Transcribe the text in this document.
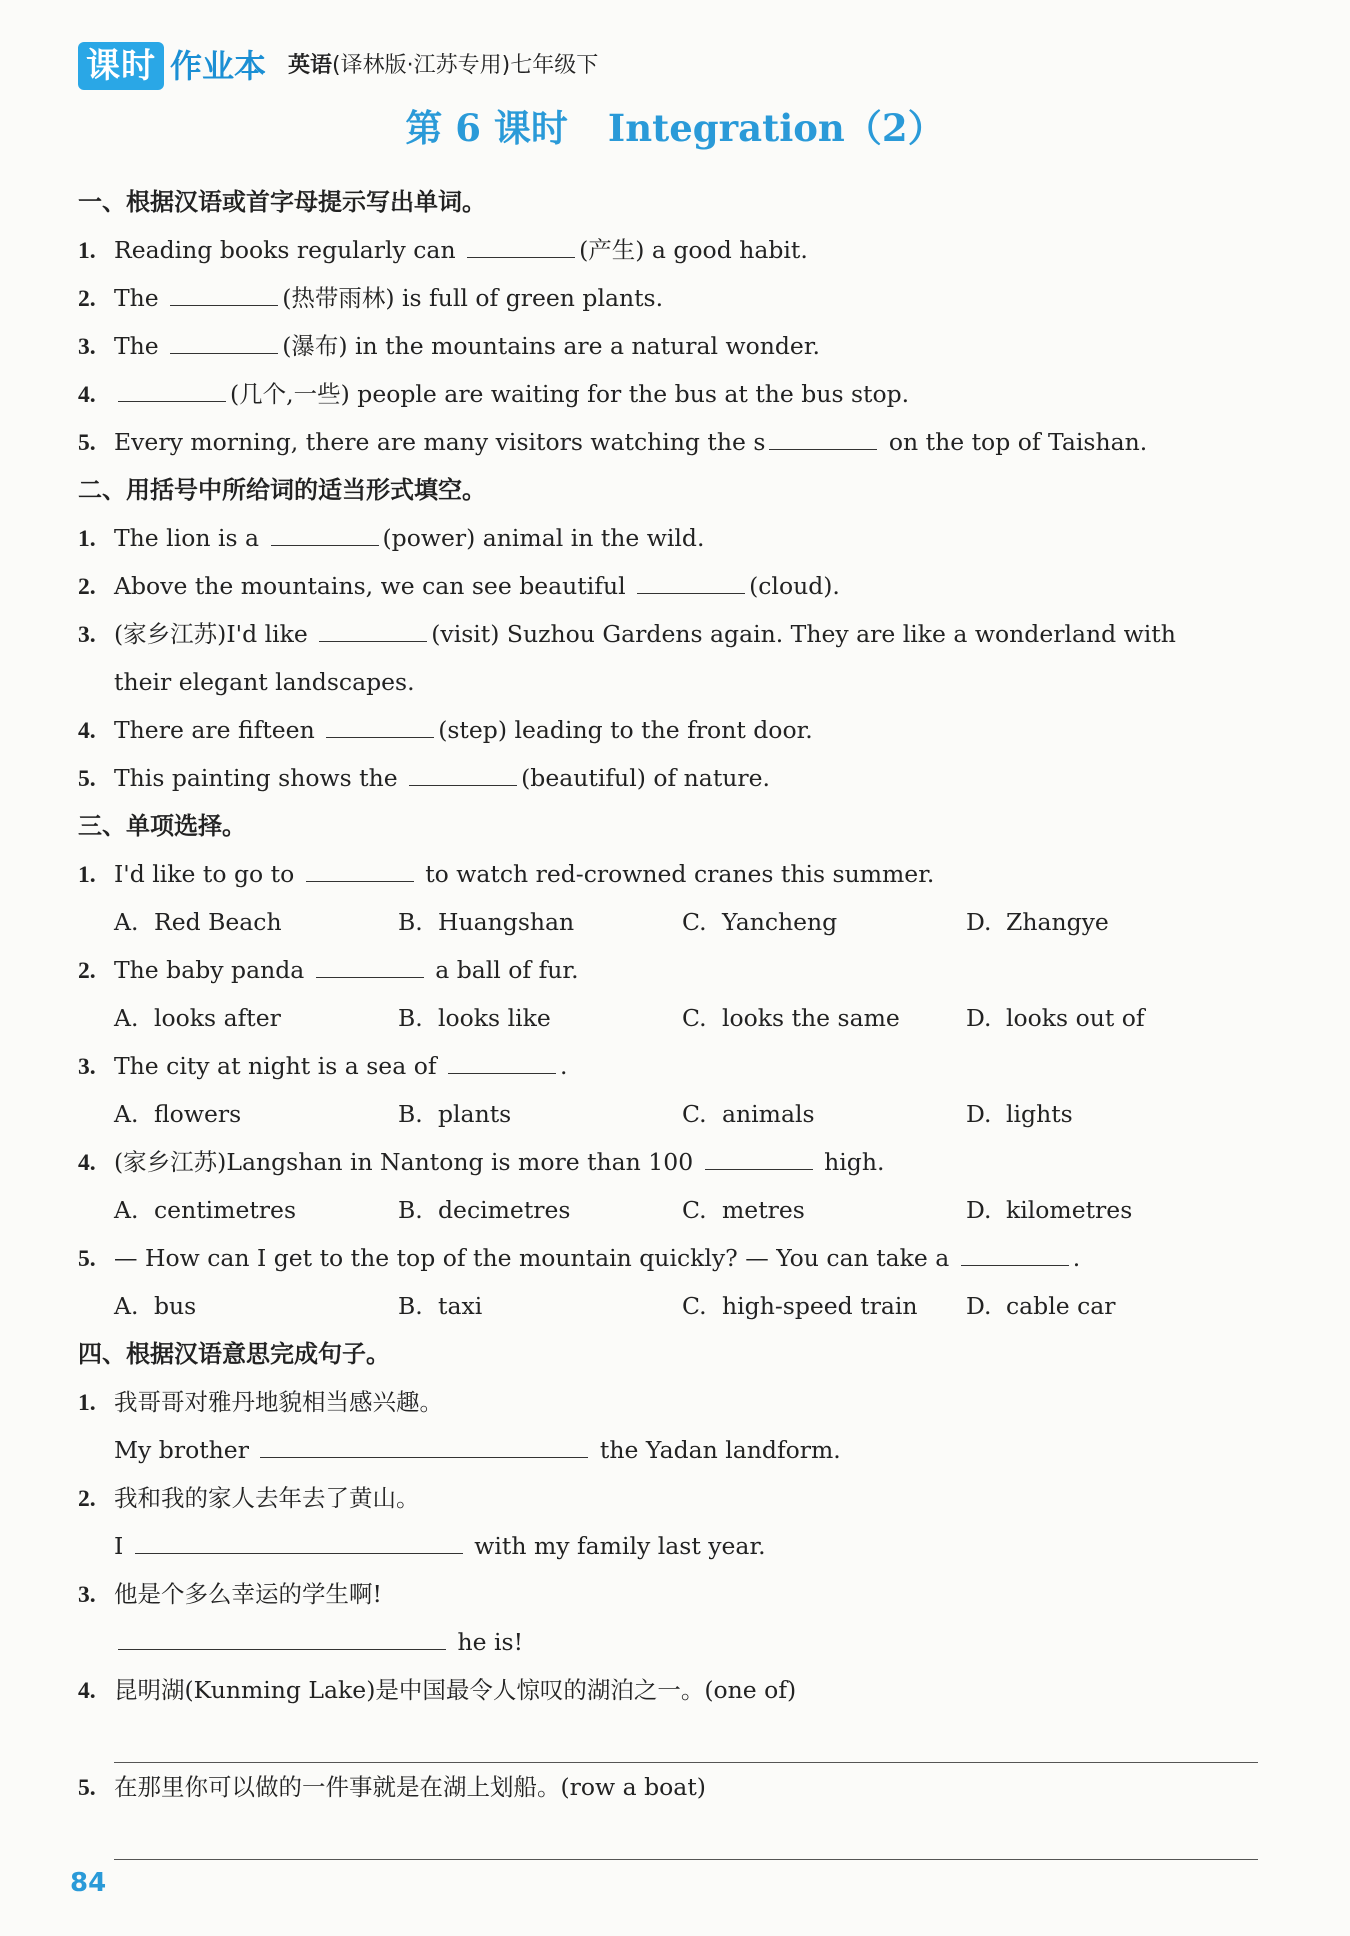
课时 作业本 英语(译林版·江苏专用)七年级下
第 6 课时 Integration（2）
一、根据汉语或首字母提示写出单词。
1. Reading books regularly can	(产生) a good habit.
2. The	(热带雨林) is full of green plants.
3. The	(瀑布) in the mountains are a natural wonder.
4.	(几个,一些) people are waiting for the bus at the bus stop.
5. Every morning, there are many visitors watching the s	on the top of Taishan.
二、用括号中所给词的适当形式填空。
1. The lion is a	(power) animal in the wild.
2. Above the mountains, we can see beautiful	(cloud).
3. (家乡江苏)I'd like	(visit) Suzhou Gardens again. They are like a wonderland with
their elegant landscapes.
4. There are fifteen	(step) leading to the front door.
5. This painting shows the	(beautiful) of nature.
三、单项选择。
1. I'd like to go to	to watch red-crowned cranes this summer.
A. Red Beach	B. Huangshan	C. Yancheng	D. Zhangye
2. The baby panda	a ball of fur.
A. looks after	B. looks like	C. looks the same	D. looks out of
3. The city at night is a sea of	.
A. flowers	B. plants	C. animals	D. lights
4. (家乡江苏)Langshan in Nantong is more than 100	high.
A. centimetres	B. decimetres	C. metres	D. kilometres
5. — How can I get to the top of the mountain quickly? — You can take a	.
A. bus	B. taxi	C. high-speed train	D. cable car
四、根据汉语意思完成句子。
1. 我哥哥对雅丹地貌相当感兴趣。
My brother	the Yadan landform.
2. 我和我的家人去年去了黄山。
I	with my family last year.
3. 他是个多么幸运的学生啊!
he is!
4. 昆明湖(Kunming Lake)是中国最令人惊叹的湖泊之一。(one of)
5. 在那里你可以做的一件事就是在湖上划船。(row a boat)
84
